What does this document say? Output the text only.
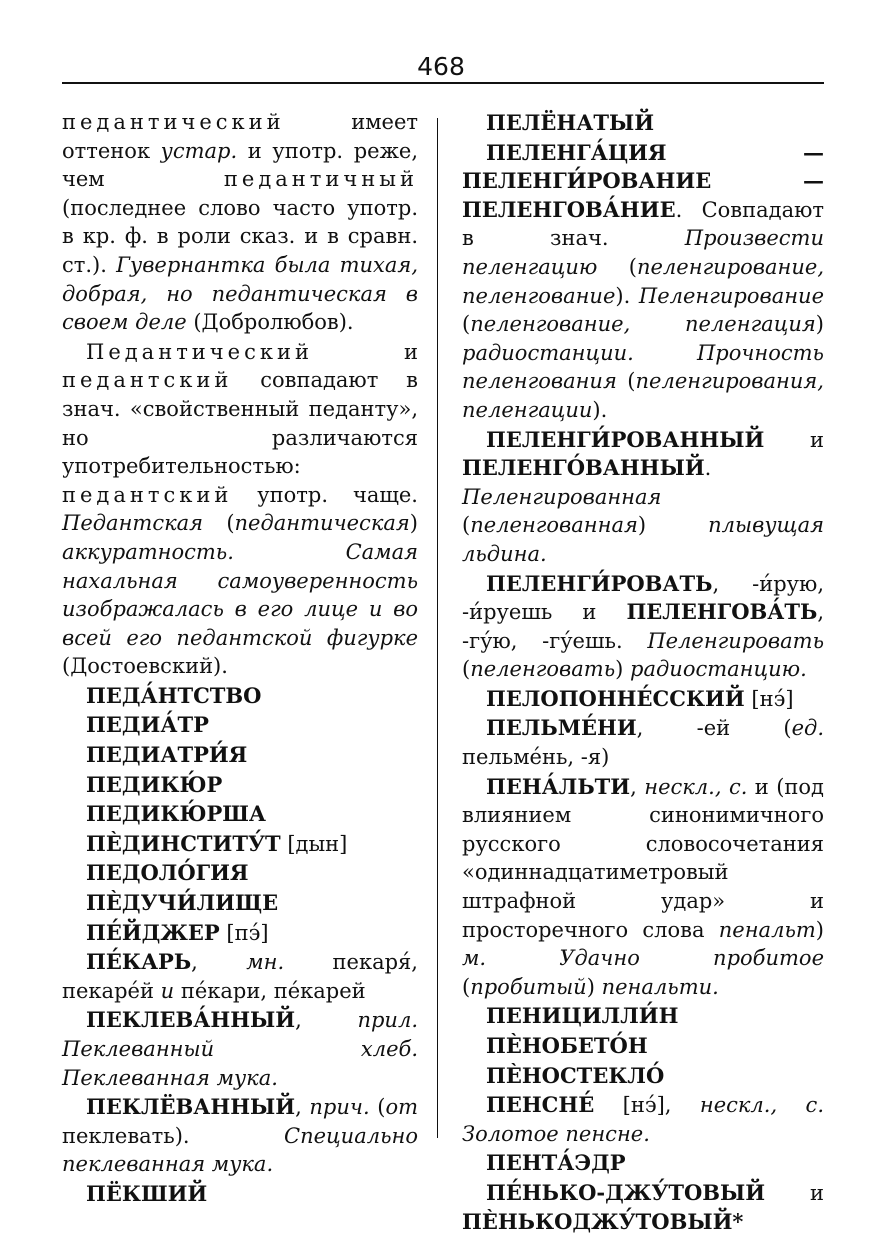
468

педантический имеет оттенок устар. и употр. реже, чем педантичный (последнее слово часто употр. в кр. ф. в роли сказ. и в сравн. ст.). Гувернантка была тихая, добрая, но педантическая в своем деле (Добролюбов).

Педантический и педантский совпадают в знач. «свойственный педанту», но различаются употребительностью: педантский употр. чаще. Педантская (педантическая) аккуратность. Самая нахальная самоуверенность изображалась в его лице и во всей его педантской фигурке (Достоевский).

ПЕДА́НТСТВО

ПЕДИА́ТР

ПЕДИАТРИ́Я

ПЕДИКЮ́Р

ПЕДИКЮ́РША

ПЀДИНСТИТУ́Т [дын]

ПЕДОЛО́ГИЯ

ПЀДУЧИ́ЛИЩЕ

ПЕ́ЙДЖЕР [пэ́]

ПЕ́КАРЬ, мн. пекаря́, пекаре́й и пе́кари, пе́карей

ПЕКЛЕВА́ННЫЙ, прил. Пеклеванный хлеб. Пеклеванная мука.

ПЕКЛЁВАННЫЙ, прич. (от пеклевать). Специально пеклеванная мука.

ПЁКШИЙ

ПЕЛЁНАТЫЙ

ПЕЛЕНГА́ЦИЯ — ПЕЛЕНГИ́РОВАНИЕ — ПЕЛЕНГОВА́НИЕ. Совпадают в знач. Произвести пеленгацию (пеленгирование, пеленгование). Пеленгирование (пеленгование, пеленгация) радиостанции. Прочность пеленгования (пеленгирования, пеленгации).

ПЕЛЕНГИ́РОВАННЫЙ и ПЕЛЕНГО́ВАННЫЙ. Пеленгированная (пеленгованная) плывущая льдина.

ПЕЛЕНГИ́РОВАТЬ, -и́рую, -и́руешь и ПЕЛЕНГОВА́ТЬ, -гу́ю, -гу́ешь. Пеленгировать (пеленговать) радиостанцию.

ПЕЛОПОННЕ́ССКИЙ [нэ́]

ПЕЛЬМЕ́НИ, -ей (ед. пельме́нь, -я)

ПЕНА́ЛЬТИ, нескл., с. и (под влиянием синонимичного русского словосочетания «одиннадцатиметровый штрафной удар» и просторечного слова пенальт) м. Удачно пробитое (пробитый) пенальти.

ПЕНИЦИЛЛИ́Н

ПЀНОБЕТО́Н

ПЀНОСТЕКЛО́

ПЕНСНЕ́ [нэ́], нескл., с. Золотое пенсне.

ПЕНТА́ЭДР

ПЕ́НЬКО-ДЖУ́ТОВЫЙ и ПЀНЬКОДЖУ́ТОВЫЙ*
